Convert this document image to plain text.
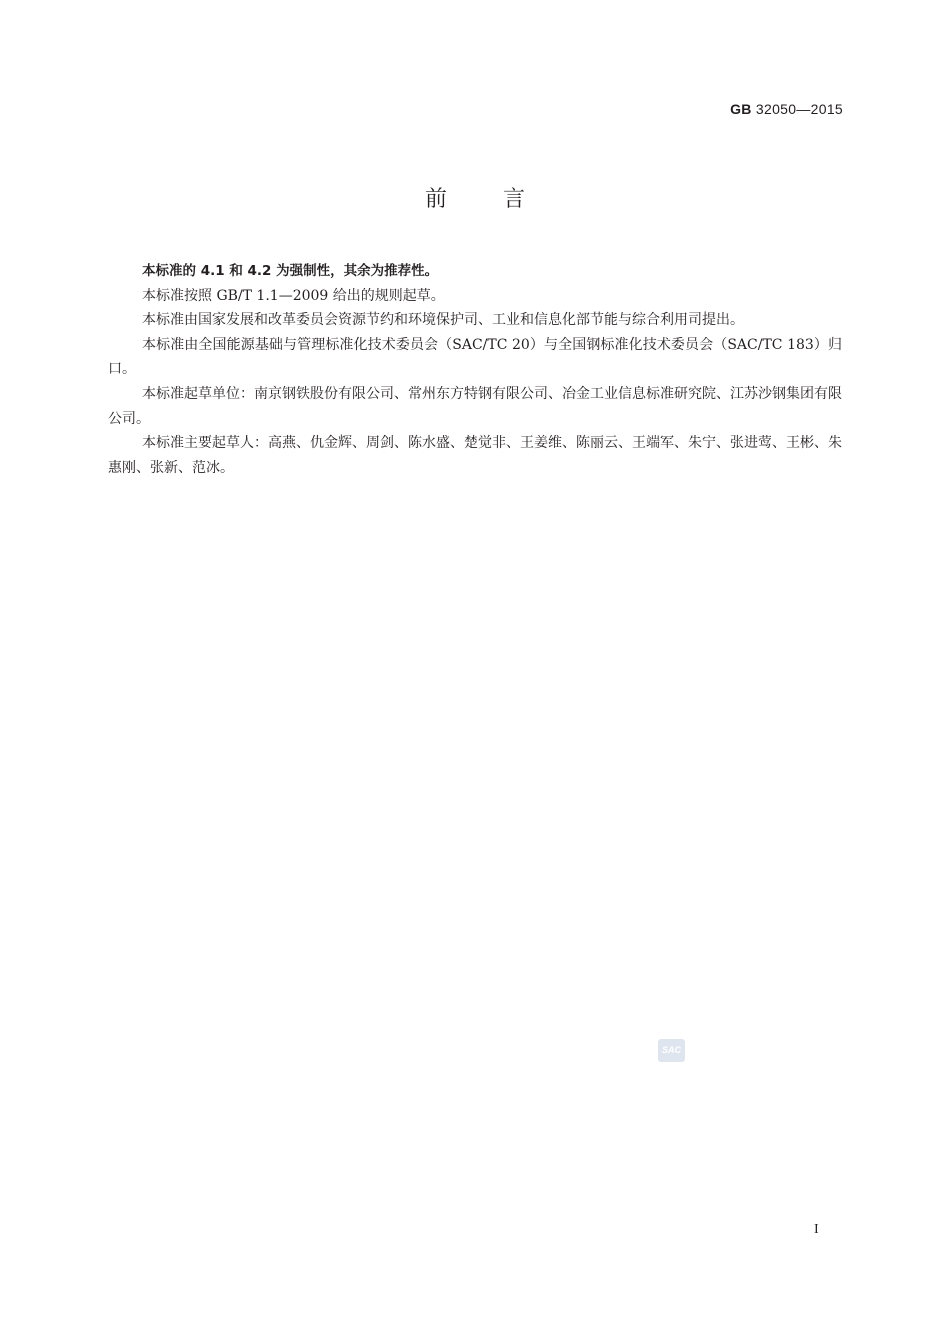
GB 32050—2015
前	言

本标准的 4.1 和 4.2 为强制性，其余为推荐性。

本标准按照 GB/T 1.1—2009 给出的规则起草。

本标准由国家发展和改革委员会资源节约和环境保护司、工业和信息化部节能与综合利用司提出。

本标准由全国能源基础与管理标准化技术委员会（SAC/TC 20）与全国钢标准化技术委员会（SAC/TC 183）归口。

本标准起草单位：南京钢铁股份有限公司、常州东方特钢有限公司、冶金工业信息标准研究院、江苏沙钢集团有限公司。

本标准主要起草人：高燕、仇金辉、周剑、陈水盛、楚觉非、王姜维、陈丽云、王端军、朱宁、张进莺、王彬、朱惠刚、张新、范冰。

SAC
I
